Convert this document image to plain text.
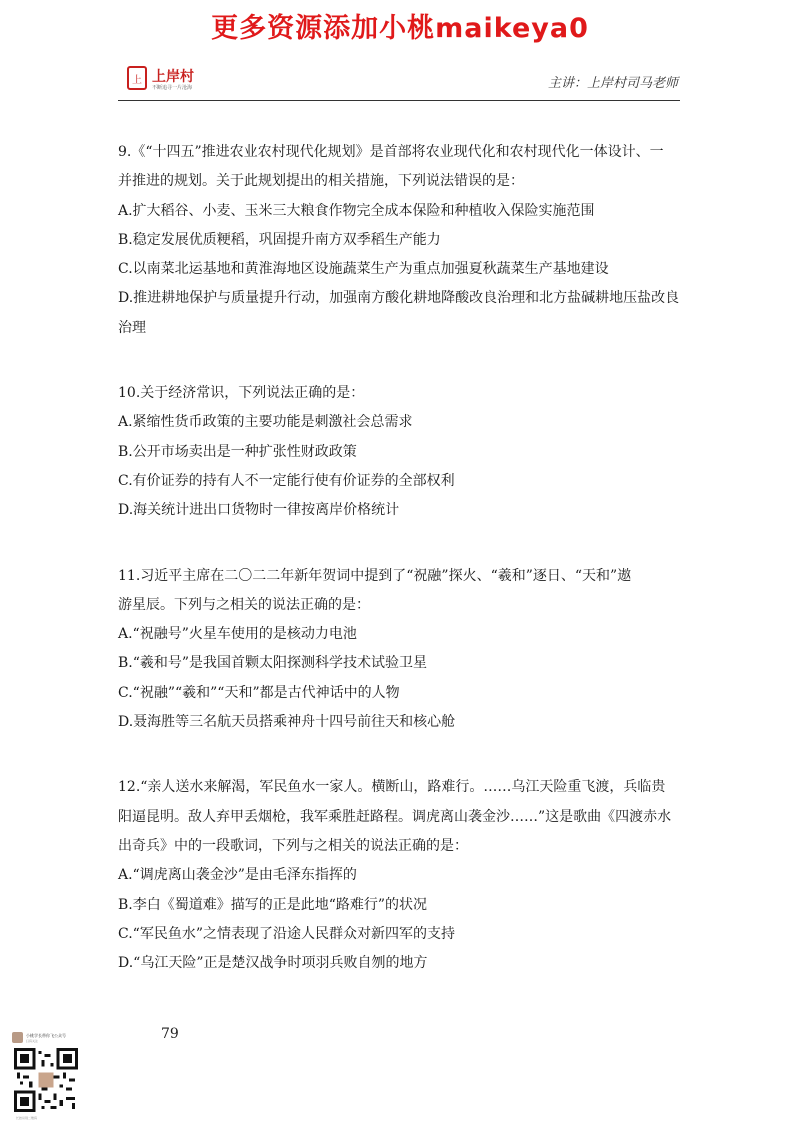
更多资源添加小桃maikeya0
上 上岸村
不断追寻一片沧海	主讲：上岸村司马老师

9.《“十四五”推进农业农村现代化规划》是首部将农业现代化和农村现代化一体设计、一

并推进的规划。关于此规划提出的相关措施，下列说法错误的是：

A.扩大稻谷、小麦、玉米三大粮食作物完全成本保险和种植收入保险实施范围

B.稳定发展优质粳稻，巩固提升南方双季稻生产能力

C.以南菜北运基地和黄淮海地区设施蔬菜生产为重点加强夏秋蔬菜生产基地建设

D.推进耕地保护与质量提升行动，加强南方酸化耕地降酸改良治理和北方盐碱耕地压盐改良

治理

10.关于经济常识，下列说法正确的是：

A.紧缩性货币政策的主要功能是刺激社会总需求

B.公开市场卖出是一种扩张性财政政策

C.有价证券的持有人不一定能行使有价证券的全部权利

D.海关统计进出口货物时一律按离岸价格统计

11.习近平主席在二〇二二年新年贺词中提到了“祝融”探火、“羲和”逐日、“天和”遨

游星辰。下列与之相关的说法正确的是：

A.“祝融号”火星车使用的是核动力电池

B.“羲和号”是我国首颗太阳探测科学技术试验卫星

C.“祝融”“羲和”“天和”都是古代神话中的人物

D.聂海胜等三名航天员搭乘神舟十四号前往天和核心舱

12.“亲人送水来解渴，军民鱼水一家人。横断山，路难行。……乌江天险重飞渡，兵临贵

阳逼昆明。敌人弃甲丢烟枪，我军乘胜赶路程。调虎离山袭金沙……”这是歌曲《四渡赤水

出奇兵》中的一段歌词，下列与之相关的说法正确的是：

A.“调虎离山袭金沙”是由毛泽东指挥的

B.李白《蜀道难》描写的正是此地“路难行”的状况

C.“军民鱼水”之情表现了沿途人民群众对新四军的支持

D.“乌江天险”正是楚汉战争时项羽兵败自刎的地方

79
小桃学长带你飞公众号
扫码关注
长按识别二维码
